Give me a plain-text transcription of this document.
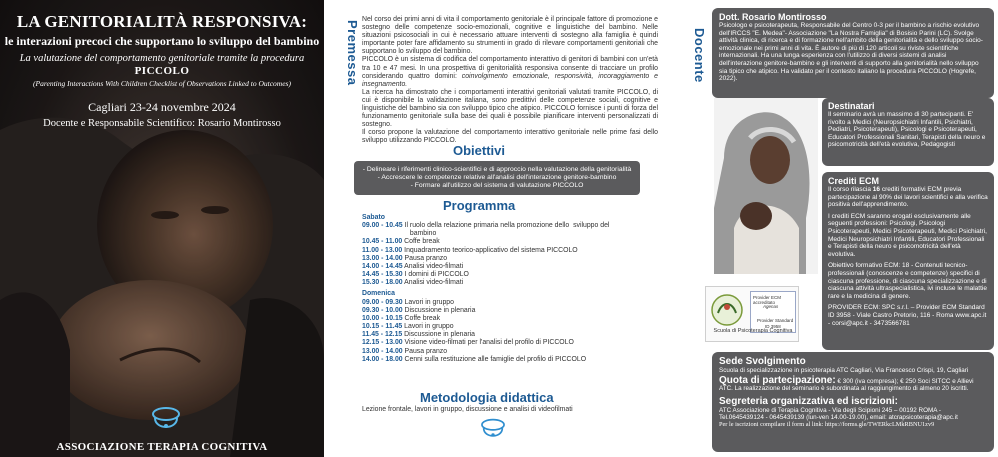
LA GENITORIALITÀ RESPONSIVA:
le interazioni precoci che supportano lo sviluppo del bambino
La valutazione del comportamento genitoriale tramite la procedura
PICCOLO
(Parenting Interactions With Children Checklist of Observations Linked to Outcomes)
Cagliari 23-24 novembre 2024
Docente e Responsabile Scientifico: Rosario Montirosso
ASSOCIAZIONE TERAPIA COGNITIVA
Premessa

Nel corso dei primi anni di vita il comportamento genitoriale è il principale fattore di promozione e sostegno delle competenze socio-emozionali, cognitive e linguistiche del bambino. Nelle situazioni psicosociali in cui è necessario attuare interventi di sostegno alla famiglia è quindi importante poter fare affidamento su strumenti in grado di rilevare comportamenti genitoriali che supportano lo sviluppo del bambino.

PICCOLO è un sistema di codifica del comportamento interattivo di genitori di bambini con un'età tra 10 e 47 mesi. In una prospettiva di genitorialità responsiva consente di tracciare un profilo considerando quattro domini: coinvolgimento emozionale, responsività, incoraggiamento e insegnamento.

La ricerca ha dimostrato che i comportamenti interattivi genitoriali valutati tramite PICCOLO, di cui è disponibile la validazione italiana, sono predittivi delle competenze sociali, cognitive e linguistiche del bambino sia con sviluppo tipico che atipico. PICCOLO fornisce i punti di forza del funzionamento genitoriale sulla base dei quali è possibile pianificare interventi personalizzati di sostegno.

Il corso propone la valutazione del comportamento interattivo genitoriale nelle prime fasi dello sviluppo utilizzando PICCOLO.

Obiettivi
- Delineare i riferimenti clinico-scientifici e di approccio nella valutazione della genitorialità
- Accrescere le competenze relative all'analisi dell'interazione genitore-bambino
- Formare all'utilizzo del sistema di valutazione PICCOLO
Programma
Sabato
09.00 - 10.45 Il ruolo della relazione primaria nella promozione dello  sviluppo del
bambino
10.45 - 11.00 Coffe break
11.00 - 13.00 Inquadramento teorico-applicativo del sistema PICCOLO
13.00 - 14.00 Pausa pranzo
14.00 - 14.45 Analisi video-filmati
14.45 - 15.30 I domini di PICCOLO
15.30 - 18.00 Analisi video-filmati
Domenica
09.00 - 09.30 Lavori in gruppo
09.30 - 10.00 Discussione in plenaria
10.00 - 10.15 Coffe break
10.15 - 11.45 Lavori in gruppo
11.45 - 12.15 Discussione in plenaria
12.15 - 13.00 Visione video-filmati per l'analisi del profilo di PICCOLO
13.00 - 14.00 Pausa pranzo
14.00 - 18.00 Cenni sulla restituzione alle famiglie del profilo di PICCOLO
Metodologia didattica
Lezione frontale, lavori in gruppo, discussione e analisi di videofilmati
Docente
Dott. Rosario Montirosso
Psicologo e psicoterapeuta, Responsabile del Centro 0-3 per il bambino a rischio evolutivo dell'IRCCS "E. Medea"- Associazione "La Nostra Famiglia" di Bosisio Parini (LC). Svolge attività clinica, di ricerca e di formazione nell'ambito della genitorialità e dello sviluppo socio-emozionale nei primi anni di vita. È autore di più di 120 articoli su riviste scientifiche internazionali. Ha una lunga esperienza con l'utilizzo di diversi sistemi di analisi dell'interazione genitore-bambino e gli interventi di supporto alla genitorialità nello sviluppo sia tipico che atipico. Ha validato per il contesto italiano la procedura PICCOLO (Hogrefe, 2022).
Destinatari
Il seminario avrà un massimo di 30 partecipanti. E' rivolto a Medici (Neuropsichiatri Infantili, Psichiatri, Pediatri, Psicoterapeuti), Psicologi e Psicoterapeuti, Educatori Professionali Sanitari, Terapisti della neuro e psicomotricità dell'età evolutiva, Pedagogisti
Crediti ECM
Il corso rilascia 16 crediti formativi ECM previa partecipazione al 90% dei lavori scientifici e alla verifica positiva dell'apprendimento.
I crediti ECM saranno erogati esclusivamente alle seguenti professioni: Psicologi, Psicologi Psicoterapeuti, Medici Psicoterapeuti, Medici Psichiatri, Medici Neuropsichiatri Infantili, Educatori Professionali e Terapisti della neuro e psicomotricità dell'età evolutiva.
Obiettivo formativo ECM: 18 - Contenuti tecnico-professionali (conoscenze e competenze) specifici di ciascuna professione, di ciascuna specializzazione e di ciascuna attività ultraspecialistica, ivi incluse le malattie rare e la medicina di genere.
PROVIDER ECM: SPC s.r.l. – Provider ECM Standard ID 3958 - Viale Castro Pretorio, 116 - Roma www.apc.it - corsi@apc.it - 3473566781
Provider ECM accreditato
Agenas
Provider Standard
ID 3958
Scuola di Psicoterapia Cognitiva
Sede Svolgimento
Scuola di specializzazione in psicoterapia ATC Cagliari, Via Francesco Crispi, 19, Cagliari
Quota di partecipazione: € 300 (iva compresa); € 250 Soci SITCC e Allievi ATC. La realizzazione del seminario è subordinata al raggiungimento di almeno 20 iscritti.
Segreteria organizzativa ed iscrizioni:
ATC Associazione di Terapia Cognitiva - Via degli Scipioni 245 – 00192 ROMA - Tel.0645439124 - 0645439139 (lun-ven 14.00-19.00), email: atcrapsicoterapia@apc.it
Per le iscrizioni compilare il form al link: https://forms.gle/TWERkcLMkRBNU1zv9
